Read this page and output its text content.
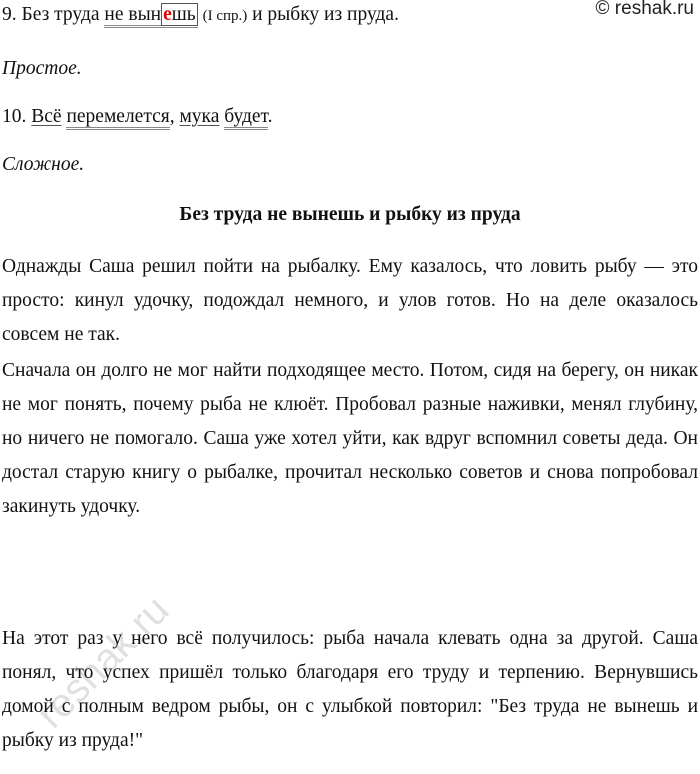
© reshak.ru
9. Без труда не вын ешь (I спр.) и рыбку из пруда.
Простое.
10. Всё перемелется, мука будет.
Сложное.
Без труда не вынешь и рыбку из пруда
Однажды Саша решил пойти на рыбалку. Ему казалось, что ловить рыбу — это просто: кинул удочку, подождал немного, и улов готов. Но на деле оказалось совсем не так.
Сначала он долго не мог найти подходящее место. Потом, сидя на берегу, он никак не мог понять, почему рыба не клюёт. Пробовал разные наживки, менял глубину, но ничего не помогало. Саша уже хотел уйти, как вдруг вспомнил советы деда. Он достал старую книгу о рыбалке, прочитал несколько советов и снова попробовал закинуть удочку.
На этот раз у него всё получилось: рыба начала клевать одна за другой. Саша понял, что успех пришёл только благодаря его труду и терпению. Вернувшись домой с полным ведром рыбы, он с улыбкой повторил: "Без труда не вынешь и рыбку из пруда!"
reshak.ru
